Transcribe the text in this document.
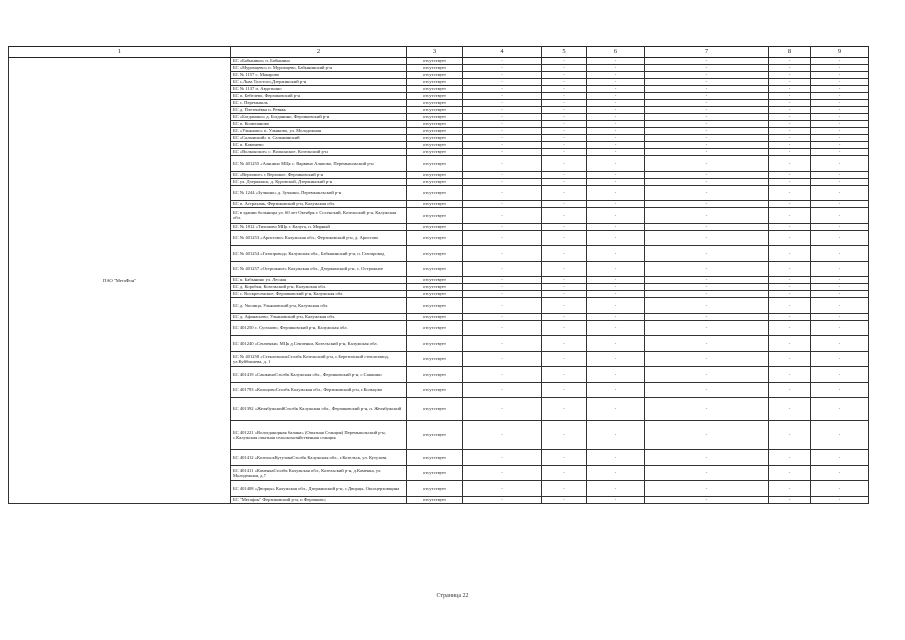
1	2	3	4	5	6	7	8	9
ПАО "МегаФон"	БС «Бабынино» п. Бабынино	отсутствует	-	-	-	-	-	-
	БС «Муромцево» п. Муромцево, Бабынинский р-н	отсутствует	-	-	-	-	-	-
	БС № 1157 с. Макарово	отсутствует	-	-	-	-	-	-
	БС с.Льва Толстого,Дзержинский р-н	отсутствует	-	-	-	-	-	-
	БС № 1137 п. Авдотьино	отсутствует	-	-	-	-	-	-
	БС п. Бебелево, Ферзиковский р-н	отсутствует	-	-	-	-	-	-
	БС с. Перемышль	отсутствует	-	-	-	-	-	-
	БС д. Плетенёвка п. Ревякь	отсутствует	-	-	-	-	-	-
	БС «Богданино» д. Богданино, Ферзиковский р-н	отсутствует	-	-	-	-	-	-
	БС п. Колюпаново	отсутствует	-	-	-	-	-	-
	БС «Ульяново» п. Ульяново, ул. Молодежная	отсутствует	-	-	-	-	-	-
	БС «Салынский» п. Салынинский	отсутствует	-	-	-	-	-	-
	БС п. Каменево	отсутствует	-	-	-	-	-	-
	БС «Волконское» с. Волконское, Козельский р-н	отсутствует	-	-	-	-	-	-
	БС № 401255 «Аляпино МЦк с. Варвино Аляпово, Перемышльский р-н	отсутствует	-	-	-	-	-	-
	БС «Верховое» с Верховое, Ферзиковский р-н	отсутствует	-	-	-	-	-	-
	БС ул. Дзержинск, д. Куровской, Дзержинский р-н	отсутствует	-	-	-	-	-	-
	БС № 1244 «Зучкино» д. Зучкино, Перемышльский р-н	отсутствует	-	-	-	-	-	-
	БС п. Астрахань, Ферзиковский р-н, Калужская обл.	отсутствует	-	-	-	-	-	-
	БС в здании больницы ул. 60 лет Октября г. Сосенский, Козельский р-н, Калужская обл.	отсутствует	-	-	-	-	-	-
	БС № 1812 «Тихоново МЦк г. Калуга, п. Мирный	отсутствует	-	-	-	-	-	-
	БС № 401253 «Аристово» Калужская обл., Ферзиковский р-н, д. Аристово	отсутствует	-	-	-	-	-	-
	БС № 401254 «Газопровод» Калужская обл., Бабынинский р-н, п. Газопровод	отсутствует	-	-	-	-	-	-
	БС № 401257 «Острожное» Калужская обл., Дзержинский р-н, с. Острожное	отсутствует	-	-	-	-	-	-
	БС п. Бабынино ул. Лесная	отсутствует	-	-	-	-	-	-
	БС д. Коробки, Козельский р-н, Калужская обл.	отсутствует	-	-	-	-	-	-
	БС с. Воскресенское, Ферзиковский р-н, Калужская обл.	отсутствует	-	-	-	-	-	-
	БС д. Уколица, Ульяновский р-н, Калужская обл.	отсутствует	-	-	-	-	-	-
	БС д. Афанасьево, Ульяновский р-н, Калужская обл.	отсутствует	-	-	-	-	-	-
	БС 401250 с. Сугоново, Ферзиковский р-н, Калужская обл.	отсутствует	-	-	-	-	-	-
	БС 401240 «Сенченки» МЦк д.Сенченки, Козельский р-н, Калужская обл.	отсутствует	-	-	-	-	-	-
	БС № 401258 «СтекловолокСтолбк Козельский р-н, с.Березичский стеклозавод, ул.Куйбышева, д. 1	отсутствует	-	-	-	-	-	-
	БС 401419 «СашкиноСтолбк Калужская обл., Ферзиковский р-н, с.Сашкино	отсутствует	-	-	-	-	-	-
	БС 401793 «КольцовоСтолбк Калужская обл., Ферзиковский р-н, г.Кольцово	отсутствует	-	-	-	-	-	-
	БС 401392 «ЖелябужскийСтолбк Калужская обл., Ферзиковский р-н, п. Желябужский	отсутствует	-	-	-	-	-	-
	БС 401221 «Вологданорная балина» (Опытная Станция) Перемышльский р-н, с.Калужская опытная сельскохозяйственная станция	отсутствует	-	-	-	-	-	-
	БС 401412 «КозельскКутузоваСтолбк Калужская обл., г.Козельск, ул. Кутузова	отсутствует	-	-	-	-	-	-
	БС 401411 «КаменкаСтолбк Калужская обл., Козельский р-н, д.Каменка, ул. Молодежная, д.7	отсутствует	-	-	-	-	-	-
	БС 401408 «Дворцы» Калужская обл., Дзержинский р-н, с.Дворцы, Оксоцерховщина	отсутствует	-	-	-	-	-	-
	БС "Мегафон" Ферзиковский р-н, п Ферзиково;	отсутствует	-	-	-	-	-	-
Страница 22
